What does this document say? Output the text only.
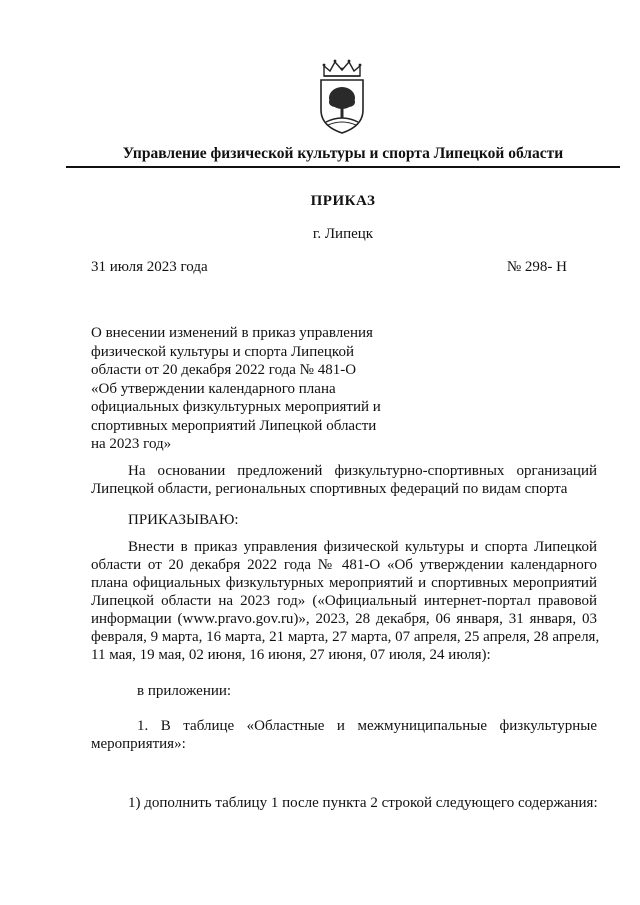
Управление физической культуры и спорта Липецкой области
ПРИКАЗ
г. Липецк
31 июля 2023 года	№ 298- Н
О внесении изменений в приказ управления
физической культуры и спорта Липецкой
области от 20 декабря 2022 года № 481-О
«Об утверждении календарного плана
официальных физкультурных мероприятий и
спортивных мероприятий Липецкой области
на 2023 год»
На основании предложений физкультурно-спортивных организаций
Липецкой области, региональных спортивных федераций по видам спорта
ПРИКАЗЫВАЮ:
Внести в приказ управления физической культуры и спорта Липецкой
области от 20 декабря 2022 года № 481-О «Об утверждении календарного
плана официальных физкультурных мероприятий и спортивных мероприятий
Липецкой области на 2023 год» («Официальный интернет-портал правовой
информации (www.pravo.gov.ru)», 2023, 28 декабря, 06 января, 31 января, 03
февраля, 9 марта, 16 марта, 21 марта, 27 марта, 07 апреля, 25 апреля, 28 апреля,
11 мая, 19 мая, 02 июня, 16 июня, 27 июня, 07 июля, 24 июля):
в приложении:
1. В таблице «Областные и межмуниципальные физкультурные
мероприятия»:
1) дополнить таблицу 1 после пункта 2 строкой следующего содержания:
